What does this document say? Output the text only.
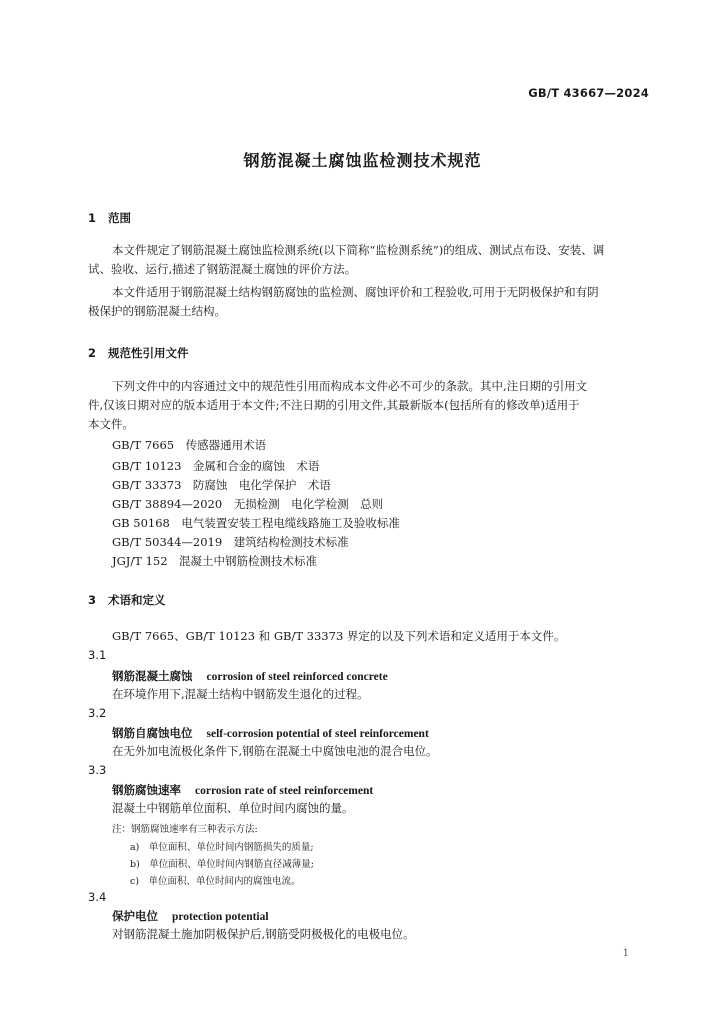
GB/T 43667—2024
钢筋混凝土腐蚀监检测技术规范
1 范围
本文件规定了钢筋混凝土腐蚀监检测系统(以下简称“监检测系统”)的组成、测试点布设、安装、调
试、验收、运行,描述了钢筋混凝土腐蚀的评价方法。
本文件适用于钢筋混凝土结构钢筋腐蚀的监检测、腐蚀评价和工程验收,可用于无阴极保护和有阴
极保护的钢筋混凝土结构。
2 规范性引用文件
下列文件中的内容通过文中的规范性引用而构成本文件必不可少的条款。其中,注日期的引用文
件,仅该日期对应的版本适用于本文件;不注日期的引用文件,其最新版本(包括所有的修改单)适用于
本文件。
GB/T 7665　传感器通用术语
GB/T 10123　金属和合金的腐蚀　术语
GB/T 33373　防腐蚀　电化学保护　术语
GB/T 38894—2020　无损检测　电化学检测　总则
GB 50168　电气装置安装工程电缆线路施工及验收标准
GB/T 50344—2019　建筑结构检测技术标准
JGJ/T 152　混凝土中钢筋检测技术标准
3 术语和定义
GB/T 7665、GB/T 10123 和 GB/T 33373 界定的以及下列术语和定义适用于本文件。
3.1
钢筋混凝土腐蚀 corrosion of steel reinforced concrete
在环境作用下,混凝土结构中钢筋发生退化的过程。
3.2
钢筋自腐蚀电位 self-corrosion potential of steel reinforcement
在无外加电流极化条件下,钢筋在混凝土中腐蚀电池的混合电位。
3.3
钢筋腐蚀速率 corrosion rate of steel reinforcement
混凝土中钢筋单位面积、单位时间内腐蚀的量。
注：钢筋腐蚀速率有三种表示方法:
a)　单位面积、单位时间内钢筋损失的质量;
b)　单位面积、单位时间内钢筋直径减薄量;
c)　单位面积、单位时间内的腐蚀电流。
3.4
保护电位 protection potential
对钢筋混凝土施加阴极保护后,钢筋受阴极极化的电极电位。
1
